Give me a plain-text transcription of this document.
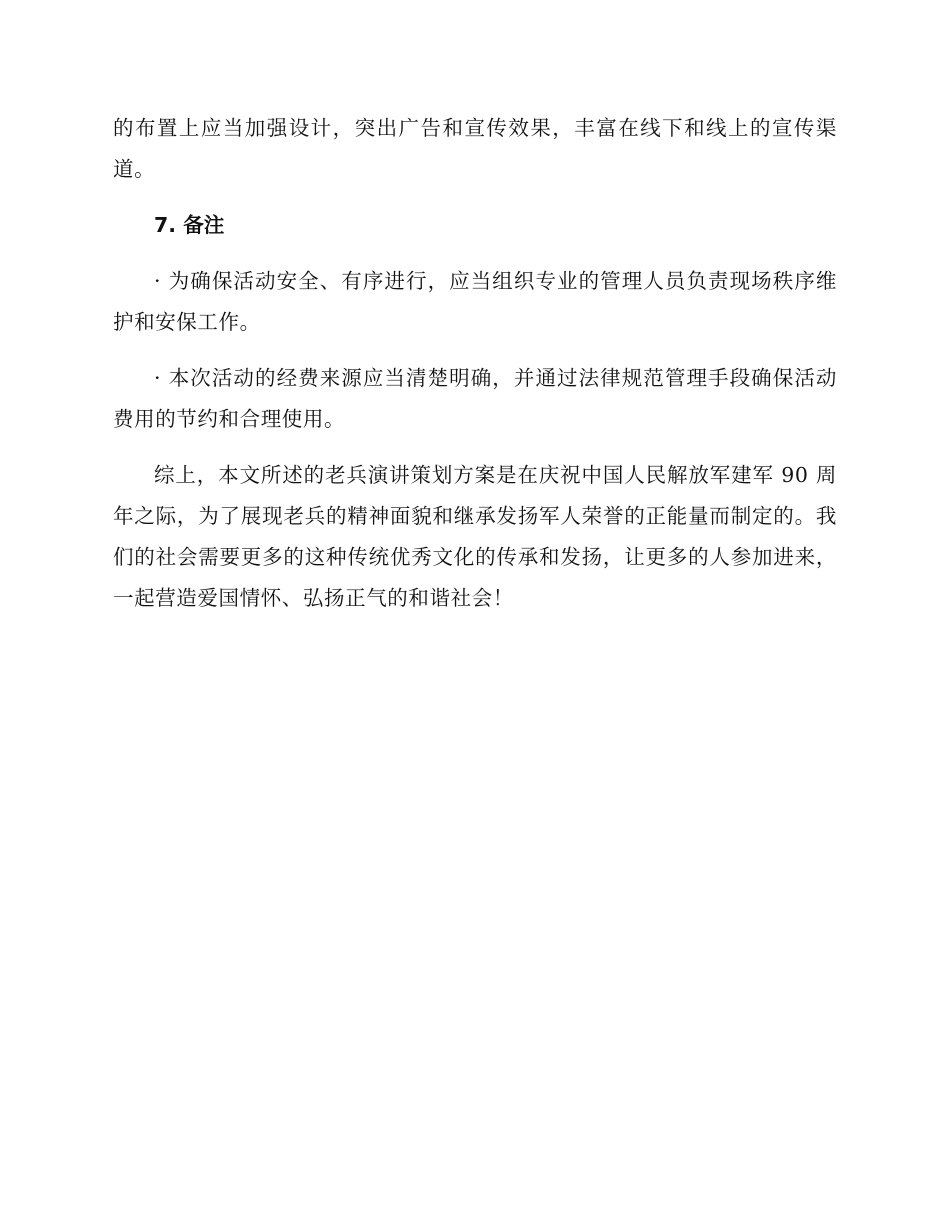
的布置上应当加强设计，突出广告和宣传效果，丰富在线下和线上的宣传渠道。

7. 备注

· 为确保活动安全、有序进行，应当组织专业的管理人员负责现场秩序维护和安保工作。

· 本次活动的经费来源应当清楚明确，并通过法律规范管理手段确保活动费用的节约和合理使用。

综上，本文所述的老兵演讲策划方案是在庆祝中国人民解放军建军 90 周年之际，为了展现老兵的精神面貌和继承发扬军人荣誉的正能量而制定的。我们的社会需要更多的这种传统优秀文化的传承和发扬，让更多的人参加进来，一起营造爱国情怀、弘扬正气的和谐社会！
